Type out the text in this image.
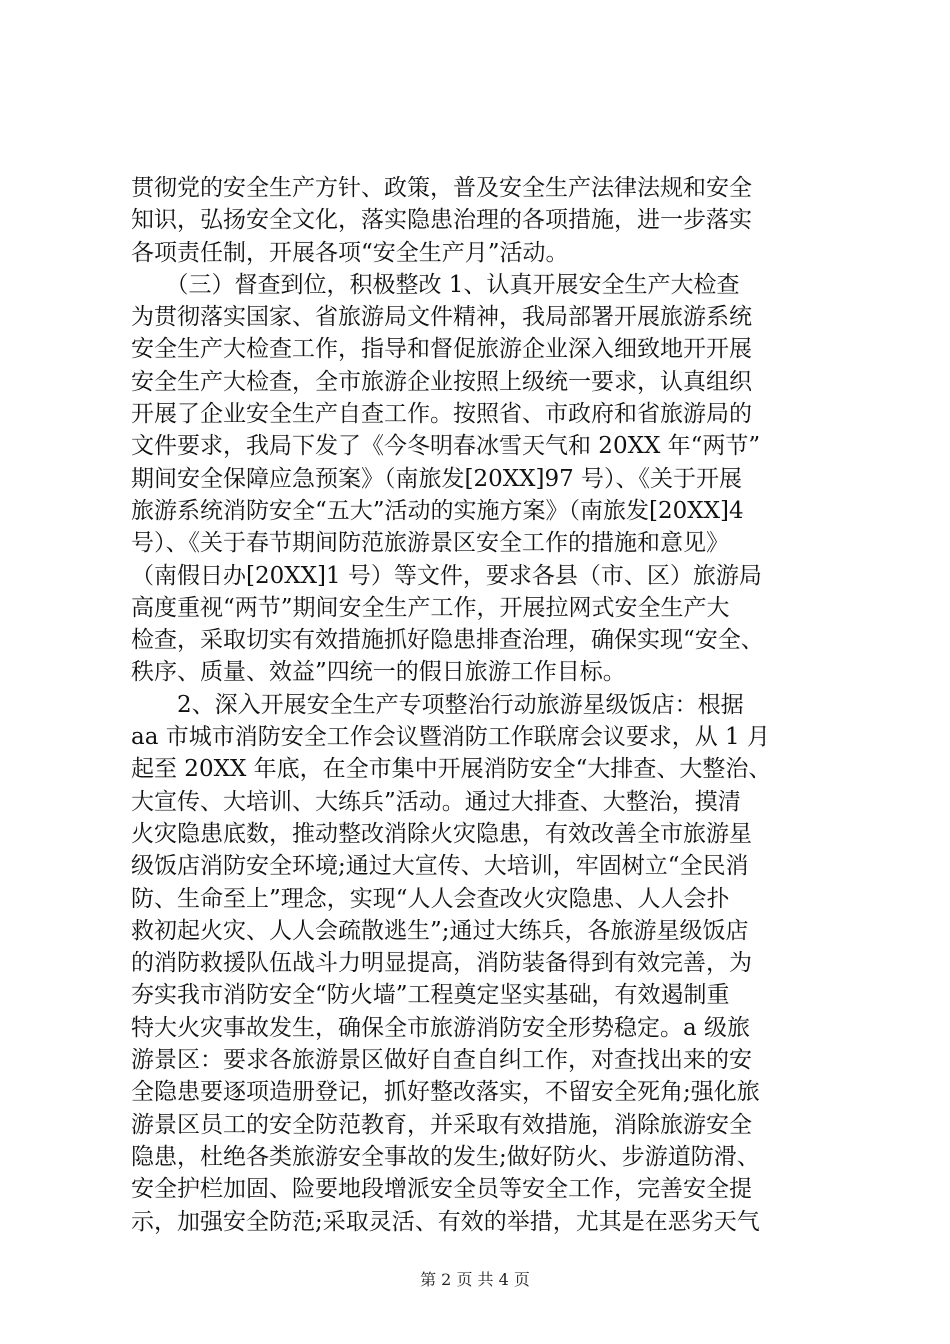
贯彻党的安全生产方针、政策，普及安全生产法律法规和安全
知识，弘扬安全文化，落实隐患治理的各项措施，进一步落实
各项责任制，开展各项“安全生产月”活动。
　　（三）督查到位，积极整改 1、认真开展安全生产大检查
为贯彻落实国家、省旅游局文件精神，我局部署开展旅游系统
安全生产大检查工作，指导和督促旅游企业深入细致地开开展
安全生产大检查，全市旅游企业按照上级统一要求，认真组织
开展了企业安全生产自查工作。按照省、市政府和省旅游局的
文件要求，我局下发了《今冬明春冰雪天气和 20XX 年“两节”
期间安全保障应急预案》（南旅发[20XX]97 号）、《关于开展
旅游系统消防安全“五大”活动的实施方案》（南旅发[20XX]4
号）、《关于春节期间防范旅游景区安全工作的措施和意见》
（南假日办[20XX]1 号）等文件，要求各县（市、区）旅游局
高度重视“两节”期间安全生产工作，开展拉网式安全生产大
检查，采取切实有效措施抓好隐患排查治理，确保实现“安全、
秩序、质量、效益”四统一的假日旅游工作目标。
　　2、深入开展安全生产专项整治行动旅游星级饭店：根据
aa 市城市消防安全工作会议暨消防工作联席会议要求，从 1 月
起至 20XX 年底，在全市集中开展消防安全“大排查、大整治、
大宣传、大培训、大练兵”活动。通过大排查、大整治，摸清
火灾隐患底数，推动整改消除火灾隐患，有效改善全市旅游星
级饭店消防安全环境;通过大宣传、大培训，牢固树立“全民消
防、生命至上”理念，实现“人人会查改火灾隐患、人人会扑
救初起火灾、人人会疏散逃生”;通过大练兵，各旅游星级饭店
的消防救援队伍战斗力明显提高，消防装备得到有效完善，为
夯实我市消防安全“防火墙”工程奠定坚实基础，有效遏制重
特大火灾事故发生，确保全市旅游消防安全形势稳定。a 级旅
游景区：要求各旅游景区做好自查自纠工作，对查找出来的安
全隐患要逐项造册登记，抓好整改落实，不留安全死角;强化旅
游景区员工的安全防范教育，并采取有效措施，消除旅游安全
隐患，杜绝各类旅游安全事故的发生;做好防火、步游道防滑、
安全护栏加固、险要地段增派安全员等安全工作，完善安全提
示，加强安全防范;采取灵活、有效的举措，尤其是在恶劣天气
第 2 页 共 4 页
